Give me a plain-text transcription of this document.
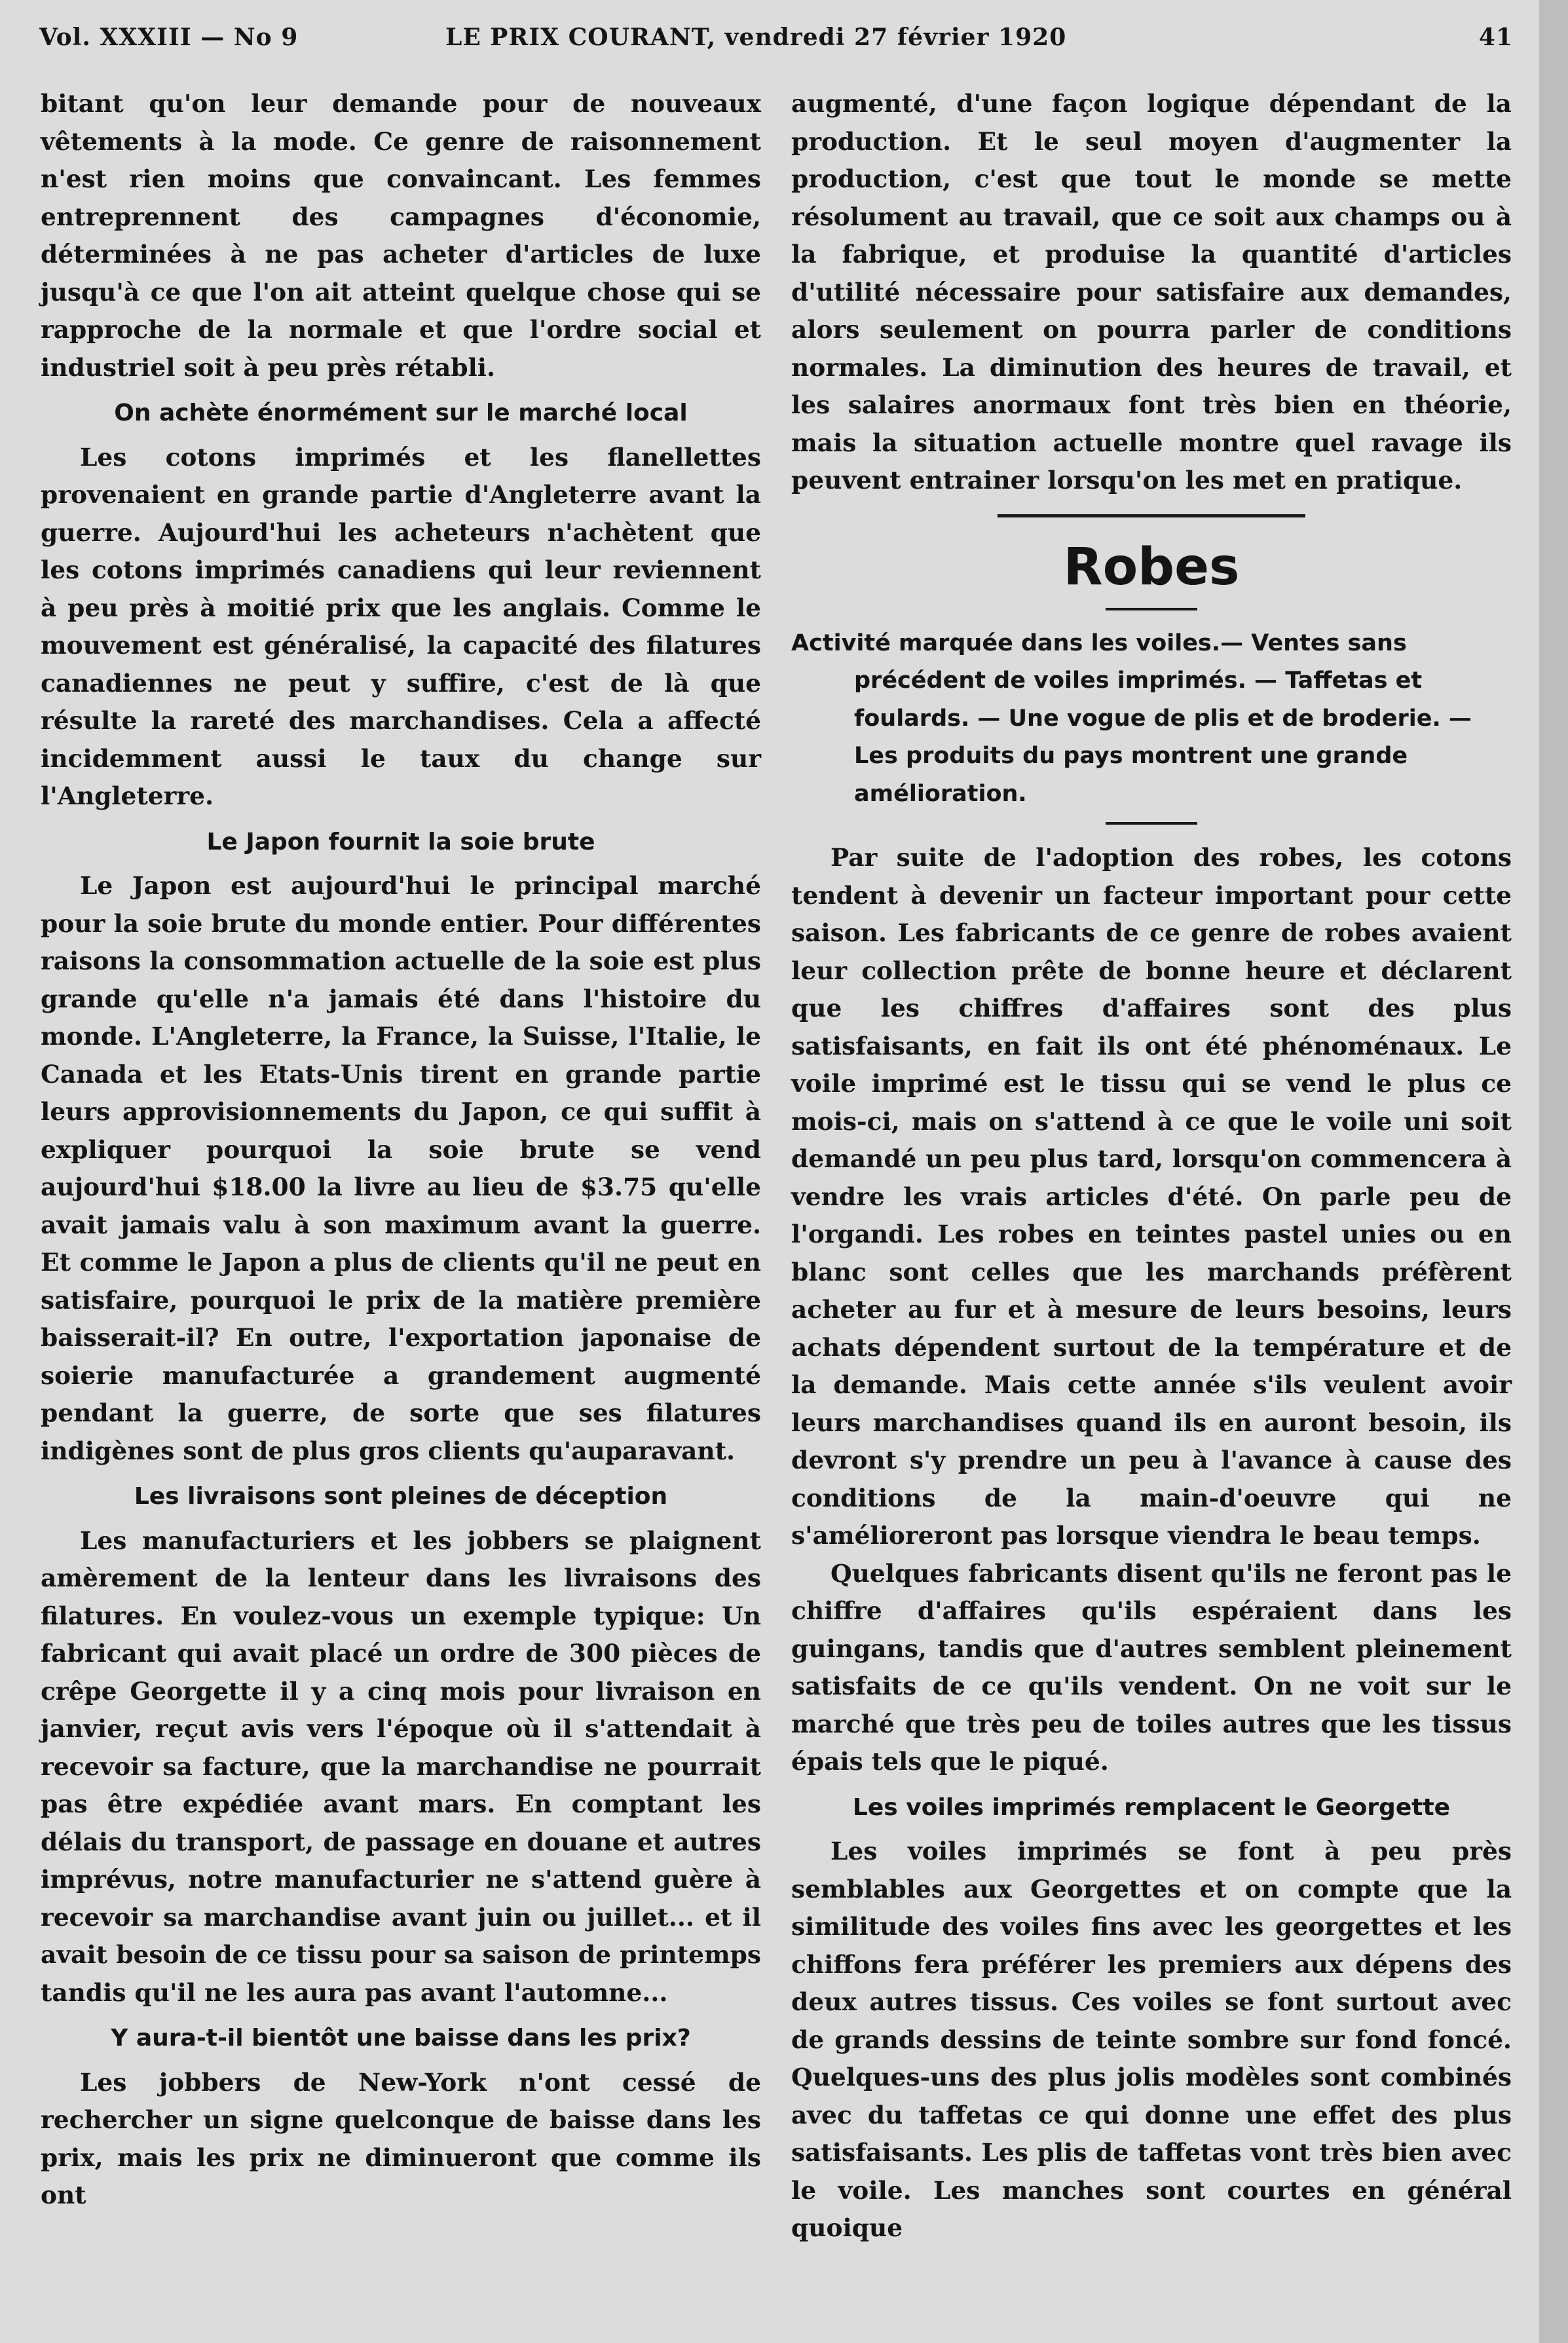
Vol. XXXIII — No 9	LE PRIX COURANT, vendredi 27 février 1920	41

bitant qu'on leur demande pour de nouveaux vêtements à la mode. Ce genre de raisonnement n'est rien moins que convaincant. Les femmes entreprennent des campagnes d'économie, déterminées à ne pas acheter d'articles de luxe jusqu'à ce que l'on ait atteint quelque chose qui se rapproche de la normale et que l'ordre social et industriel soit à peu près rétabli.

On achète énormément sur le marché local

Les cotons imprimés et les flanellettes provenaient en grande partie d'Angleterre avant la guerre. Aujourd'hui les acheteurs n'achètent que les cotons imprimés canadiens qui leur reviennent à peu près à moitié prix que les anglais. Comme le mouvement est généralisé, la capacité des filatures canadiennes ne peut y suffire, c'est de là que résulte la rareté des marchandises. Cela a affecté incidemment aussi le taux du change sur l'Angleterre.

Le Japon fournit la soie brute

Le Japon est aujourd'hui le principal marché pour la soie brute du monde entier. Pour différentes raisons la consommation actuelle de la soie est plus grande qu'elle n'a jamais été dans l'histoire du monde. L'Angleterre, la France, la Suisse, l'Italie, le Canada et les Etats-Unis tirent en grande partie leurs approvisionnements du Japon, ce qui suffit à expliquer pourquoi la soie brute se vend aujourd'hui $18.00 la livre au lieu de $3.75 qu'elle avait jamais valu à son maximum avant la guerre. Et comme le Japon a plus de clients qu'il ne peut en satisfaire, pourquoi le prix de la matière première baisserait-il? En outre, l'exportation japonaise de soierie manufacturée a grandement augmenté pendant la guerre, de sorte que ses filatures indigènes sont de plus gros clients qu'auparavant.

Les livraisons sont pleines de déception

Les manufacturiers et les jobbers se plaignent amèrement de la lenteur dans les livraisons des filatures. En voulez-vous un exemple typique: Un fabricant qui avait placé un ordre de 300 pièces de crêpe Georgette il y a cinq mois pour livraison en janvier, reçut avis vers l'époque où il s'attendait à recevoir sa facture, que la marchandise ne pourrait pas être expédiée avant mars. En comptant les délais du transport, de passage en douane et autres imprévus, notre manufacturier ne s'attend guère à recevoir sa marchandise avant juin ou juillet... et il avait besoin de ce tissu pour sa saison de printemps tandis qu'il ne les aura pas avant l'automne...

Y aura-t-il bientôt une baisse dans les prix?

Les jobbers de New-York n'ont cessé de rechercher un signe quelconque de baisse dans les prix, mais les prix ne diminueront que comme ils ont

augmenté, d'une façon logique dépendant de la production. Et le seul moyen d'augmenter la production, c'est que tout le monde se mette résolument au travail, que ce soit aux champs ou à la fabrique, et produise la quantité d'articles d'utilité nécessaire pour satisfaire aux demandes, alors seulement on pourra parler de conditions normales. La diminution des heures de travail, et les salaires anormaux font très bien en théorie, mais la situation actuelle montre quel ravage ils peuvent entrainer lorsqu'on les met en pratique.

Robes
Activité marquée dans les voiles.— Ventes sans précédent de voiles imprimés. — Taffetas et foulards. — Une vogue de plis et de broderie. — Les produits du pays montrent une grande amélioration.

Par suite de l'adoption des robes, les cotons tendent à devenir un facteur important pour cette saison. Les fabricants de ce genre de robes avaient leur collection prête de bonne heure et déclarent que les chiffres d'affaires sont des plus satisfaisants, en fait ils ont été phénoménaux. Le voile imprimé est le tissu qui se vend le plus ce mois-ci, mais on s'attend à ce que le voile uni soit demandé un peu plus tard, lorsqu'on commencera à vendre les vrais articles d'été. On parle peu de l'organdi. Les robes en teintes pastel unies ou en blanc sont celles que les marchands préfèrent acheter au fur et à mesure de leurs besoins, leurs achats dépendent surtout de la température et de la demande. Mais cette année s'ils veulent avoir leurs marchandises quand ils en auront besoin, ils devront s'y prendre un peu à l'avance à cause des conditions de la main-d'oeuvre qui ne s'amélioreront pas lorsque viendra le beau temps.

Quelques fabricants disent qu'ils ne feront pas le chiffre d'affaires qu'ils espéraient dans les guingans, tandis que d'autres semblent pleinement satisfaits de ce qu'ils vendent. On ne voit sur le marché que très peu de toiles autres que les tissus épais tels que le piqué.

Les voiles imprimés remplacent le Georgette

Les voiles imprimés se font à peu près semblables aux Georgettes et on compte que la similitude des voiles fins avec les georgettes et les chiffons fera préférer les premiers aux dépens des deux autres tissus. Ces voiles se font surtout avec de grands dessins de teinte sombre sur fond foncé. Quelques-uns des plus jolis modèles sont combinés avec du taffetas ce qui donne une effet des plus satisfaisants. Les plis de taffetas vont très bien avec le voile. Les manches sont courtes en général quoique
